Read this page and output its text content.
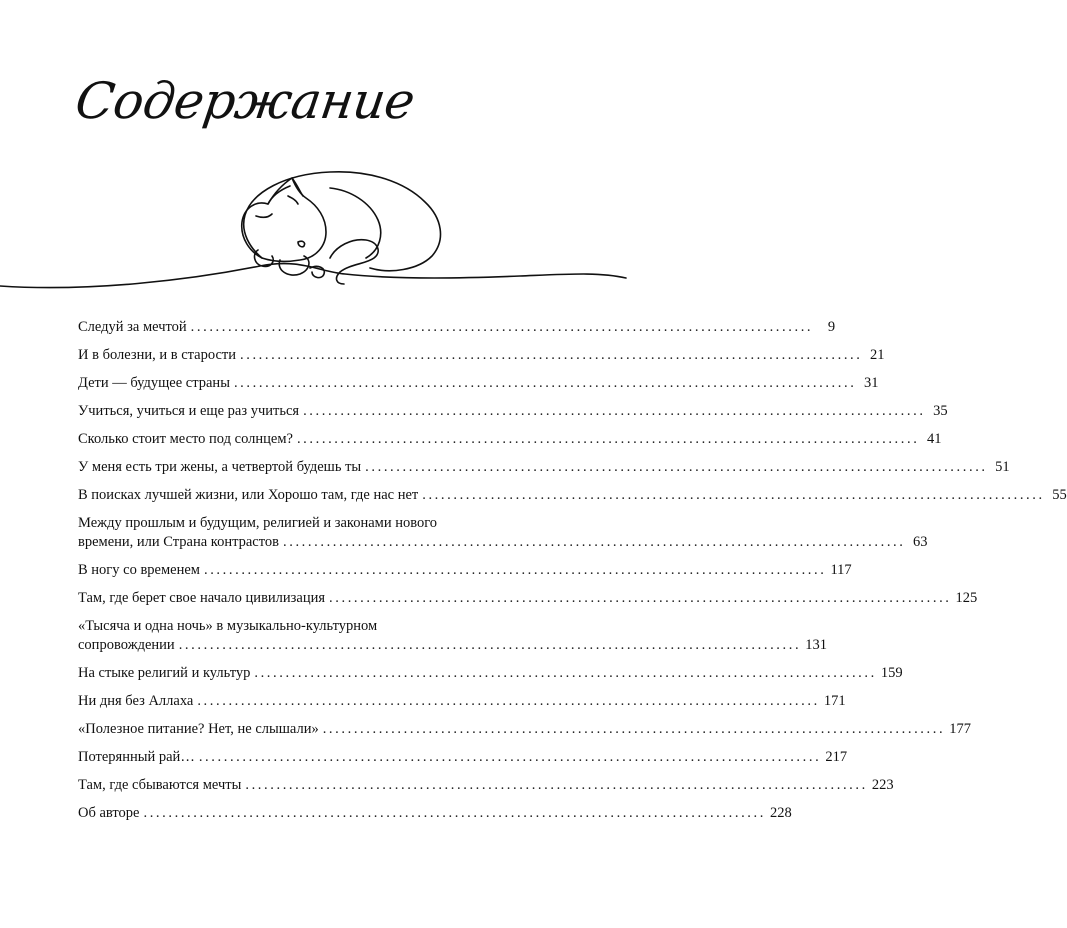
Содержание
Следуй за мечтой ....................................................................................................	9
И в болезни, и в старости .................................................................................................... 21
Дети — будущее страны .................................................................................................... 31
Учиться, учиться и еще раз учиться .................................................................................................... 35
Сколько стоит место под солнцем? .................................................................................................... 41
У меня есть три жены, а четвертой будешь ты .................................................................................................... 51
В поисках лучшей жизни, или Хорошо там, где нас нет .................................................................................................... 55
Между прошлым и будущим, религией и законами нового
времени, или Страна контрастов .................................................................................................... 63
В ногу со временем .................................................................................................... 117
Там, где берет свое начало цивилизация .................................................................................................... 125
«Тысяча и одна ночь» в музыкально-культурном
сопровождении .................................................................................................... 131
На стыке религий и культур .................................................................................................... 159
Ни дня без Аллаха .................................................................................................... 171
«Полезное питание? Нет, не слышали» .................................................................................................... 177
Потерянный рай… .................................................................................................... 217
Там, где сбываются мечты .................................................................................................... 223
Об авторе .................................................................................................... 228
